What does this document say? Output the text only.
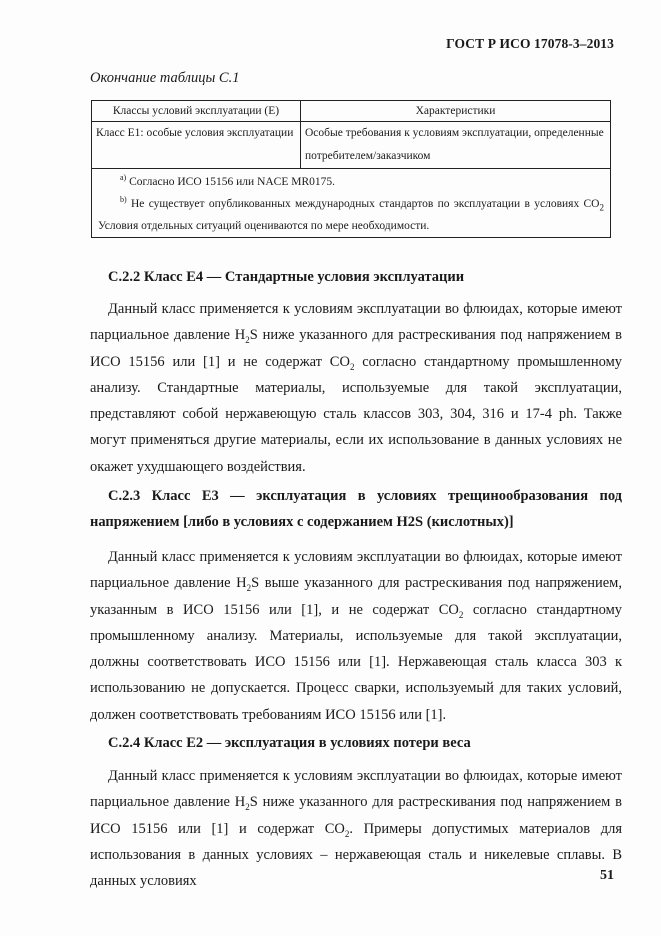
ГОСТ Р ИСО 17078-3–2013
Окончание таблицы С.1
Классы условий эксплуатации (Е)	Характеристики
Класс E1: особые условия эксплуатации	Особые требования к условиям эксплуатации, определенные потребителем/заказчиком

$^{a)}$ Согласно ИСО 15156 или NACE MR0175.
$^{b)}$ Не существует опубликованных международных стандартов по эксплуатации в условиях $CO_2$ Условия отдельных ситуаций оцениваются по мере необходимости.	
С.2.2 Класс E4 — Стандартные условия эксплуатации

Данный класс применяется к условиям эксплуатации во флюидах, которые имеют парциальное давление $H_2S$ ниже указанного для растрескивания под напряжением в ИСО 15156 или [1] и не содержат $CO_2$ согласно стандартному промышленному анализу. Стандартные материалы, используемые для такой эксплуатации, представляют собой нержавеющую сталь классов 303, 304, 316 и 17-4 ph. Также могут применяться другие материалы, если их использование в данных условиях не окажет ухудшающего воздействия.

С.2.3 Класс E3 — эксплуатация в условиях трещинообразования под напряжением [либо в условиях с содержанием H2S (кислотных)]

Данный класс применяется к условиям эксплуатации во флюидах, которые имеют парциальное давление $H_2S$ выше указанного для растрескивания под напряжением, указанным в ИСО 15156 или [1], и не содержат $CO_2$ согласно стандартному промышленному анализу. Материалы, используемые для такой эксплуатации, должны соответствовать ИСО 15156 или [1]. Нержавеющая сталь класса 303 к использованию не допускается. Процесс сварки, используемый для таких условий, должен соответствовать требованиям ИСО 15156 или [1].

С.2.4 Класс E2 — эксплуатация в условиях потери веса

Данный класс применяется к условиям эксплуатации во флюидах, которые имеют парциальное давление $H_2S$ ниже указанного для растрескивания под напряжением в ИСО 15156 или [1] и содержат $CO_2$. Примеры допустимых материалов для использования в данных условиях – нержавеющая сталь и никелевые сплавы. В данных условиях	51
